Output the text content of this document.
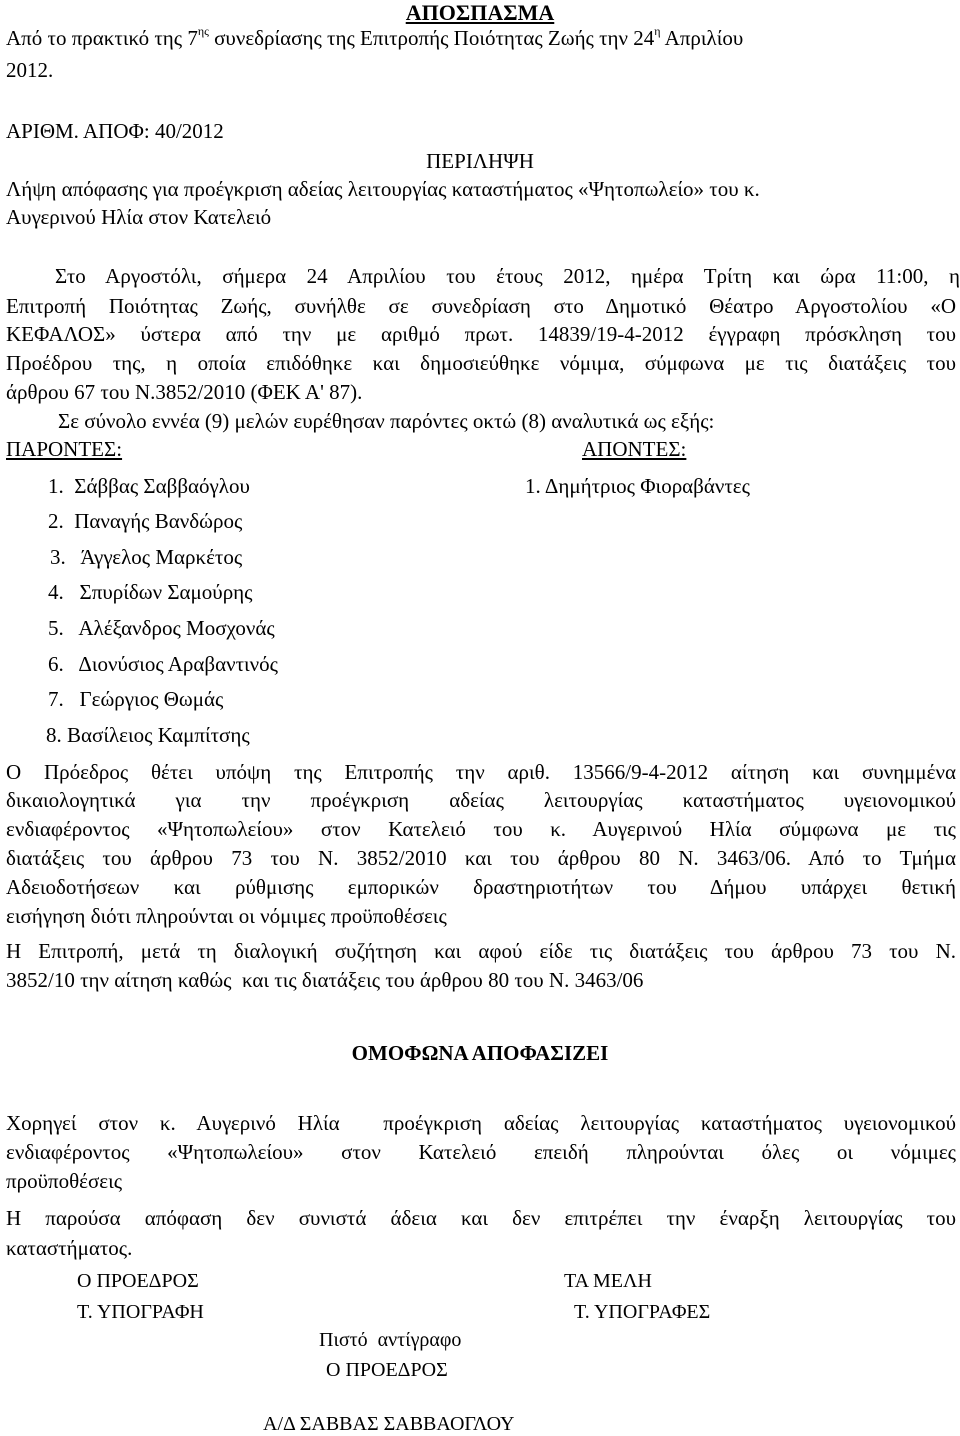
ΑΠΟΣΠΑΣΜΑ
Από το πρακτικό της $7^{\eta\varsigma}$ συνεδρίασης της Επιτροπής Ποιότητας Ζωής την $24^\eta$ Απριλίου
2012.
ΑΡΙΘΜ. ΑΠΟΦ: 40/2012
ΠΕΡΙΛΗΨΗ
Λήψη απόφασης για προέγκριση αδείας λειτουργίας καταστήματος «Ψητοπωλείο» του κ.
Αυγερινού Ηλία στον Κατελειό
Στο Αργοστόλι, σήμερα 24 Απριλίου του έτους 2012, ημέρα Τρίτη και ώρα 11:00, η
Επιτροπή Ποιότητας Ζωής, συνήλθε σε συνεδρίαση στο Δημοτικό Θέατρο Αργοστολίου «Ο
ΚΕΦΑΛΟΣ» ύστερα από την με αριθμό πρωτ. 14839/19-4-2012 έγγραφη πρόσκληση του
Προέδρου της, η οποία επιδόθηκε και δημοσιεύθηκε νόμιμα, σύμφωνα με τις διατάξεις του
άρθρου 67 του Ν.3852/2010 (ΦΕΚ Α' 87).
Σε σύνολο εννέα (9) μελών ευρέθησαν παρόντες οκτώ (8) αναλυτικά ως εξής:
ΠΑΡΟΝΤΕΣ:	ΑΠΟΝΤΕΣ:
1.  Σάββας Σαββαόγλου
2.  Παναγής Βανδώρος
3.   Άγγελος Μαρκέτος
4.   Σπυρίδων Σαμούρης
5.   Αλέξανδρος Μοσχονάς
6.   Διονύσιος Αραβαντινός
7.   Γεώργιος Θωμάς
8. Βασίλειος Καμπίτσης
1. Δημήτριος Φιοραβάντες
Ο Πρόεδρος θέτει υπόψη της Επιτροπής την αριθ. 13566/9-4-2012 αίτηση και συνημμένα
δικαιολογητικά για την προέγκριση αδείας λειτουργίας καταστήματος υγειονομικού
ενδιαφέροντος «Ψητοπωλείου» στον Κατελειό του κ. Αυγερινού Ηλία σύμφωνα με τις
διατάξεις του άρθρου 73 του Ν. 3852/2010 και του άρθρου 80 Ν. 3463/06. Από το Τμήμα
Αδειοδοτήσεων και ρύθμισης εμπορικών δραστηριοτήτων του Δήμου υπάρχει θετική
εισήγηση διότι πληρούνται οι νόμιμες προϋποθέσεις
Η Επιτροπή, μετά τη διαλογική συζήτηση και αφού είδε τις διατάξεις του άρθρου 73 του Ν.
3852/10 την αίτηση καθώς  και τις διατάξεις του άρθρου 80 του Ν. 3463/06
ΟΜΟΦΩΝΑ ΑΠΟΦΑΣΙΖΕΙ
Χορηγεί στον κ. Αυγερινό Ηλία  προέγκριση αδείας λειτουργίας καταστήματος υγειονομικού
ενδιαφέροντος «Ψητοπωλείου» στον Κατελειό επειδή πληρούνται όλες οι νόμιμες
προϋποθέσεις
Η παρούσα απόφαση δεν συνιστά άδεια και δεν επιτρέπει την έναρξη λειτουργίας του
καταστήματος.
Ο ΠΡΟΕΔΡΟΣ
Τ. ΥΠΟΓΡΑΦΗ
ΤΑ ΜΕΛΗ
Τ. ΥΠΟΓΡΑΦΕΣ
Πιστό  αντίγραφο
Ο ΠΡΟΕΔΡΟΣ
Α/Δ ΣΑΒΒΑΣ ΣΑΒΒΑΟΓΛΟΥ
